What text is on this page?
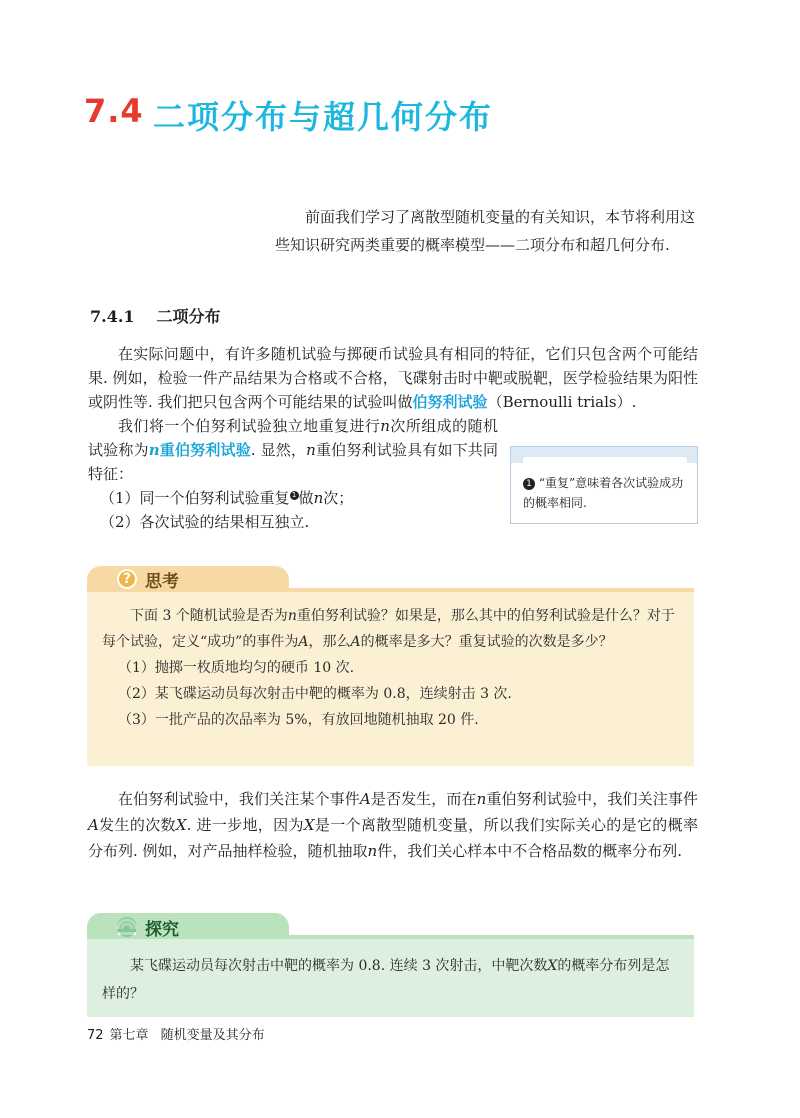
7.4 二项分布与超几何分布
前面我们学习了离散型随机变量的有关知识，本节将利用这些知识研究两类重要的概率模型——二项分布和超几何分布.
7.4.1 二项分布
在实际问题中，有许多随机试验与掷硬币试验具有相同的特征，它们只包含两个可能结果. 例如，检验一件产品结果为合格或不合格，飞碟射击时中靶或脱靶，医学检验结果为阳性或阴性等. 我们把只包含两个可能结果的试验叫做伯努利试验（Bernoulli trials）.
我们将一个伯努利试验独立地重复进行n次所组成的随机试验称为n重伯努利试验. 显然，n重伯努利试验具有如下共同特征：
（1）同一个伯努利试验重复 1 做n次；
（2）各次试验的结果相互独立.
1 “重复”意味着各次试验成功的概率相同.
? 思考
下面 3 个随机试验是否为n重伯努利试验？如果是，那么其中的伯努利试验是什么？对于每个试验，定义“成功”的事件为A，那么A的概率是多大？重复试验的次数是多少？
（1）抛掷一枚质地均匀的硬币 10 次.
（2）某飞碟运动员每次射击中靶的概率为 0.8，连续射击 3 次.
（3）一批产品的次品率为 5%，有放回地随机抽取 20 件.
在伯努利试验中，我们关注某个事件A是否发生，而在n重伯努利试验中，我们关注事件A发生的次数X. 进一步地，因为X是一个离散型随机变量，所以我们实际关心的是它的概率分布列. 例如，对产品抽样检验，随机抽取n件，我们关心样本中不合格品数的概率分布列.
探究
某飞碟运动员每次射击中靶的概率为 0.8. 连续 3 次射击，中靶次数X的概率分布列是怎样的？
72 第七章 随机变量及其分布
